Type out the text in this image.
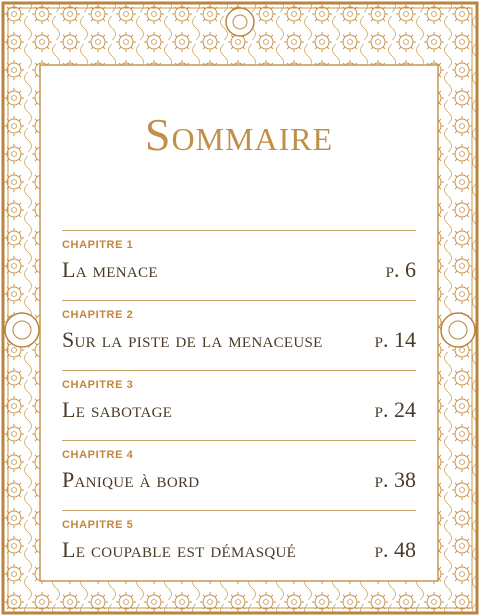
Sommaire
CHAPITRE 1
La menace	p. 6
CHAPITRE 2
Sur la piste de la menaceuse p. 14
CHAPITRE 3
Le sabotage	p. 24
CHAPITRE 4
Panique à bord	p. 38
CHAPITRE 5
Le coupable est démasqué	p. 48
